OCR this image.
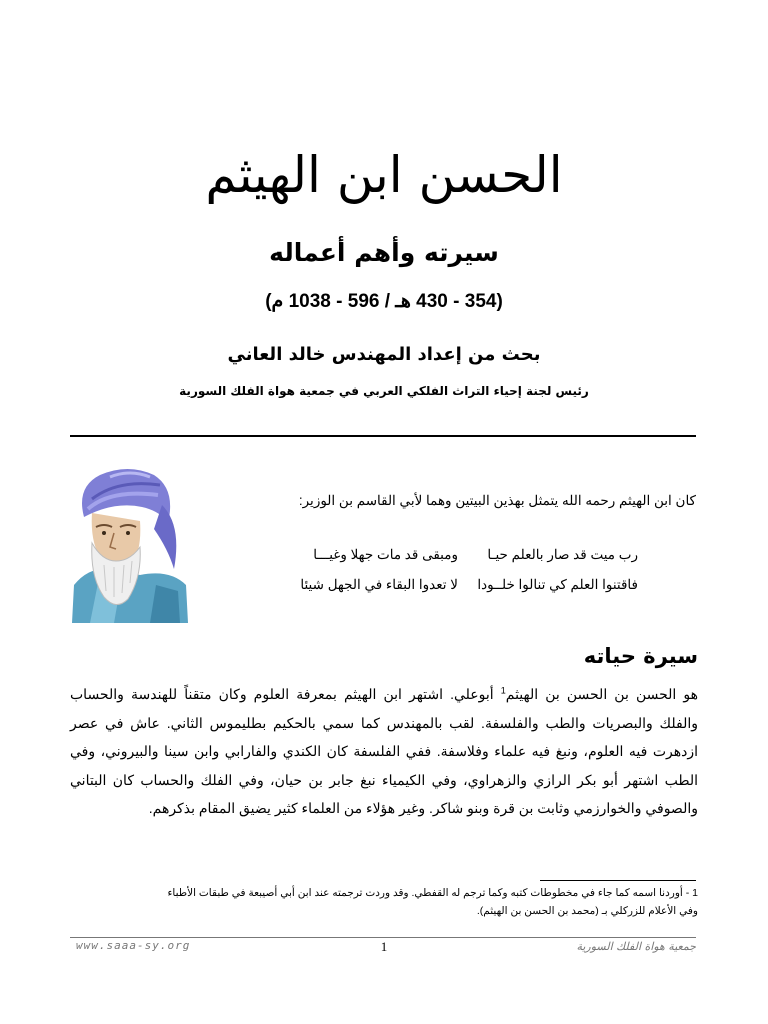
الحسن ابن الهيثم
سيرته وأهم أعماله
(354 - 430 هـ / 596 - 1038 م)
بحث من إعداد المهندس خالد العاني
رئيس لجنة إحياء التراث الفلكي العربي في جمعية هواة الفلك السورية
كان ابن الهيثم رحمه الله يتمثل بهذين البيتين وهما لأبي القاسم بن الوزير:
رب ميت قد صار بالعلم حيـا
ومبقى قد مات جهلا وغيـــا
فاقتنوا العلم كي تنالوا خلــودا
لا تعدوا البقاء في الجهل شيئا
سيرة حياته
هو الحسن بن الحسن بن الهيثم$^1$ أبوعلي. اشتهر ابن الهيثم بمعرفة العلوم وكان متقناً للهندسة والحساب
والفلك والبصريات والطب والفلسفة. لقب بالمهندس كما سمي بالحكيم بطليموس الثاني. عاش في عصر
ازدهرت فيه العلوم، ونبغ فيه علماء وفلاسفة. ففي الفلسفة كان الكندي والفارابي وابن سينا والبيروني، وفي
الطب اشتهر أبو بكر الرازي والزهراوي، وفي الكيمياء نبغ جابر بن حيان، وفي الفلك والحساب كان البتاني
والصوفي والخوارزمي وثابت بن قرة وبنو شاكر. وغير هؤلاء من العلماء كثير يضيق المقام بذكرهم.
1 - أوردنا اسمه كما جاء في مخطوطات كتبه وكما ترجم له القفطي. وقد وردت ترجمته عند ابن أبي أصيبعة في طبقات الأطباء
وفي الأعلام للزركلي بـ (محمد بن الحسن بن الهيثم).
www.saaa-sy.org	1	جمعية هواة الفلك السورية
